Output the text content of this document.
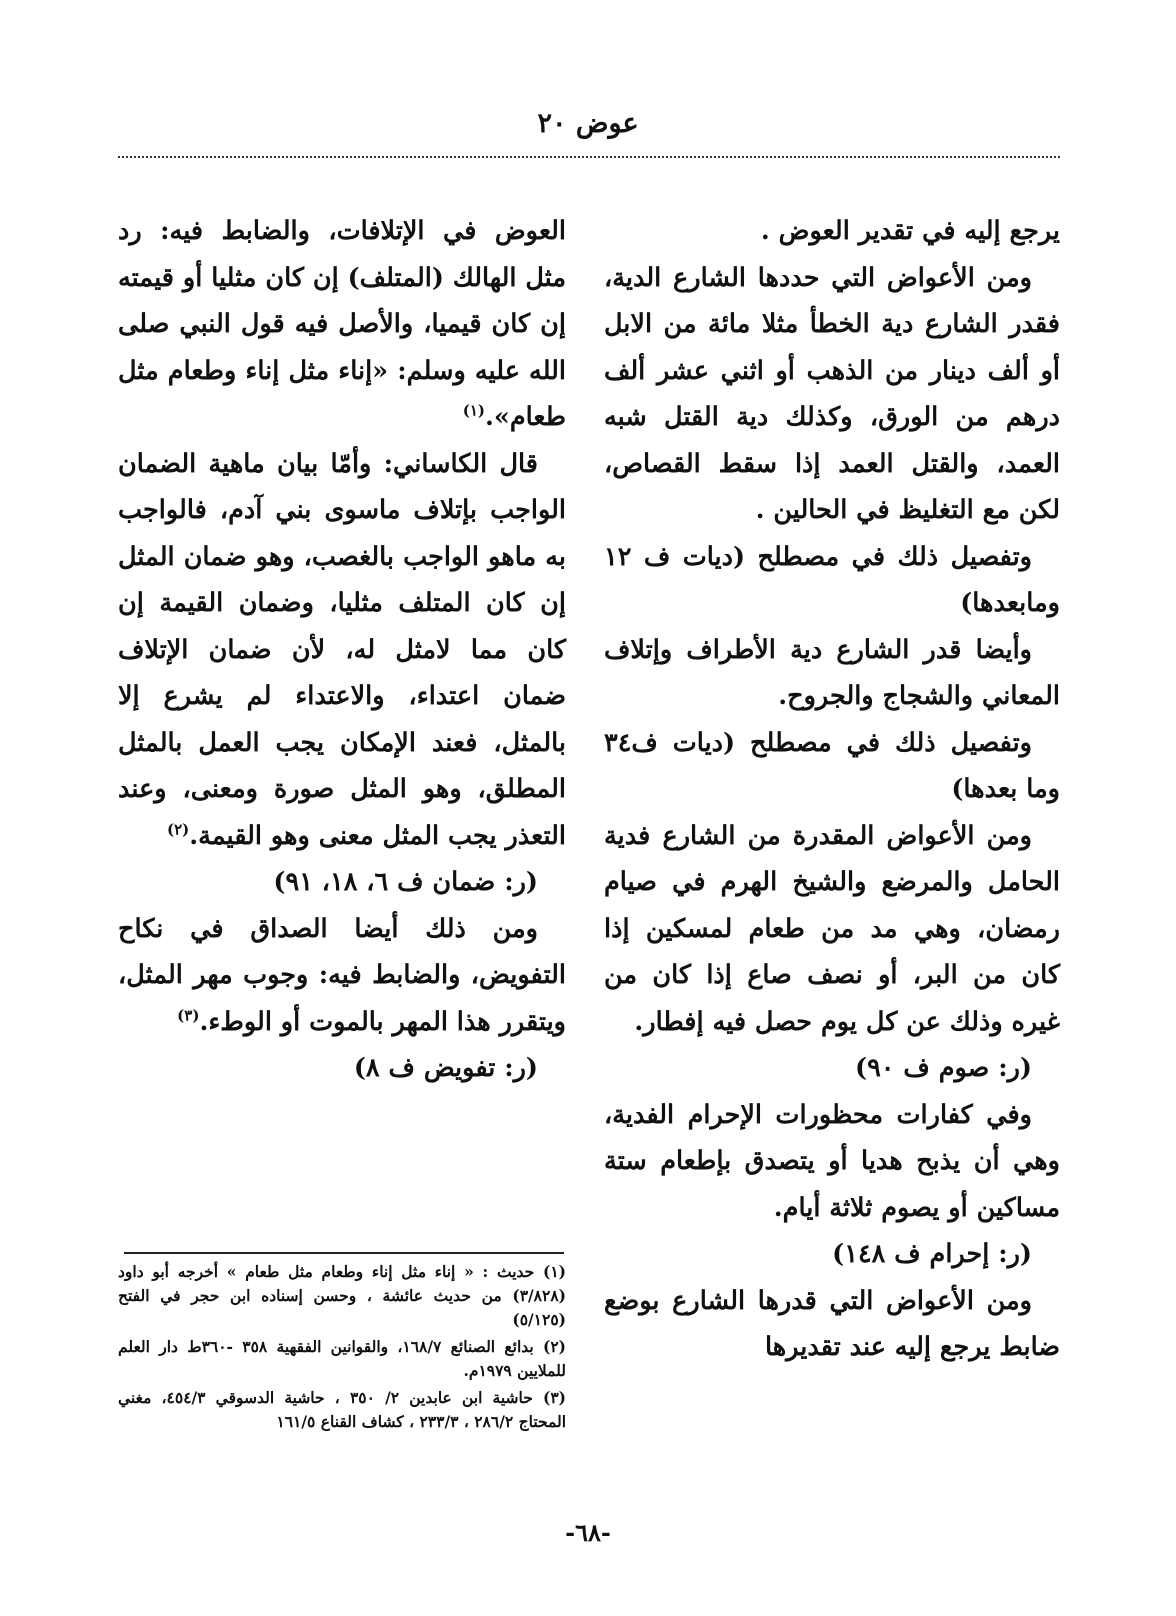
عوض ٢٠

يرجع إليه في تقدير العوض .

ومن الأعواض التي حددها الشارع الدية، فقدر الشارع دية الخطأ مثلا مائة من الابل أو ألف دينار من الذهب أو اثني عشر ألف درهم من الورق، وكذلك دية القتل شبه العمد، والقتل العمد إذا سقط القصاص، لكن مع التغليظ في الحالين .

وتفصيل ذلك في مصطلح (ديات ف ١٢ ومابعدها)

وأيضا قدر الشارع دية الأطراف وإتلاف المعاني والشجاج والجروح.

وتفصيل ذلك في مصطلح (ديات ف٣٤ وما بعدها)

ومن الأعواض المقدرة من الشارع فدية الحامل والمرضع والشيخ الهرم في صيام رمضان، وهي مد من طعام لمسكين إذا كان من البر، أو نصف صاع إذا كان من غيره وذلك عن كل يوم حصل فيه إفطار.

(ر: صوم ف ٩٠)

وفي كفارات محظورات الإحرام الفدية، وهي أن يذبح هديا أو يتصدق بإطعام ستة مساكين أو يصوم ثلاثة أيام.

(ر: إحرام ف ١٤٨)

ومن الأعواض التي قدرها الشارع بوضع ضابط يرجع إليه عند تقديرها

العوض في الإتلافات، والضابط فيه: رد مثل الهالك (المتلف) إن كان مثليا أو قيمته إن كان قيميا، والأصل فيه قول النبي صلى الله عليه وسلم: «إناء مثل إناء وطعام مثل طعام».$^{(١)}$

قال الكاساني: وأمّا بيان ماهية الضمان الواجب بإتلاف ماسوى بني آدم، فالواجب به ماهو الواجب بالغصب، وهو ضمان المثل إن كان المتلف مثليا، وضمان القيمة إن كان مما لامثل له، لأن ضمان الإتلاف ضمان اعتداء، والاعتداء لم يشرع إلا بالمثل، فعند الإمكان يجب العمل بالمثل المطلق، وهو المثل صورة ومعنى، وعند التعذر يجب المثل معنى وهو القيمة.$^{(٢)}$

(ر: ضمان ف ٦، ١٨، ٩١)

ومن ذلك أيضا الصداق في نكاح التفويض، والضابط فيه: وجوب مهر المثل، ويتقرر هذا المهر بالموت أو الوطء.$^{(٣)}$

(ر: تفويض ف ٨)

(١) حديث : « إناء مثل إناء وطعام مثل طعام » أخرجه أبو داود (٣/٨٢٨) من حديث عائشة ، وحسن إسناده ابن حجر في الفتح (٥/١٢٥)

(٢) بدائع الصنائع ١٦٨/٧، والقوانين الفقهية ٣٥٨ -٣٦٠ط دار العلم للملايين ١٩٧٩م.

(٣) حاشية ابن عابدين ٢/ ٣٥٠ ، حاشية الدسوقي ٤٥٤/٣، مغني المحتاج ٢٨٦/٢ ، ٢٣٣/٣ ، كشاف القناع ١٦١/٥

-٦٨-
